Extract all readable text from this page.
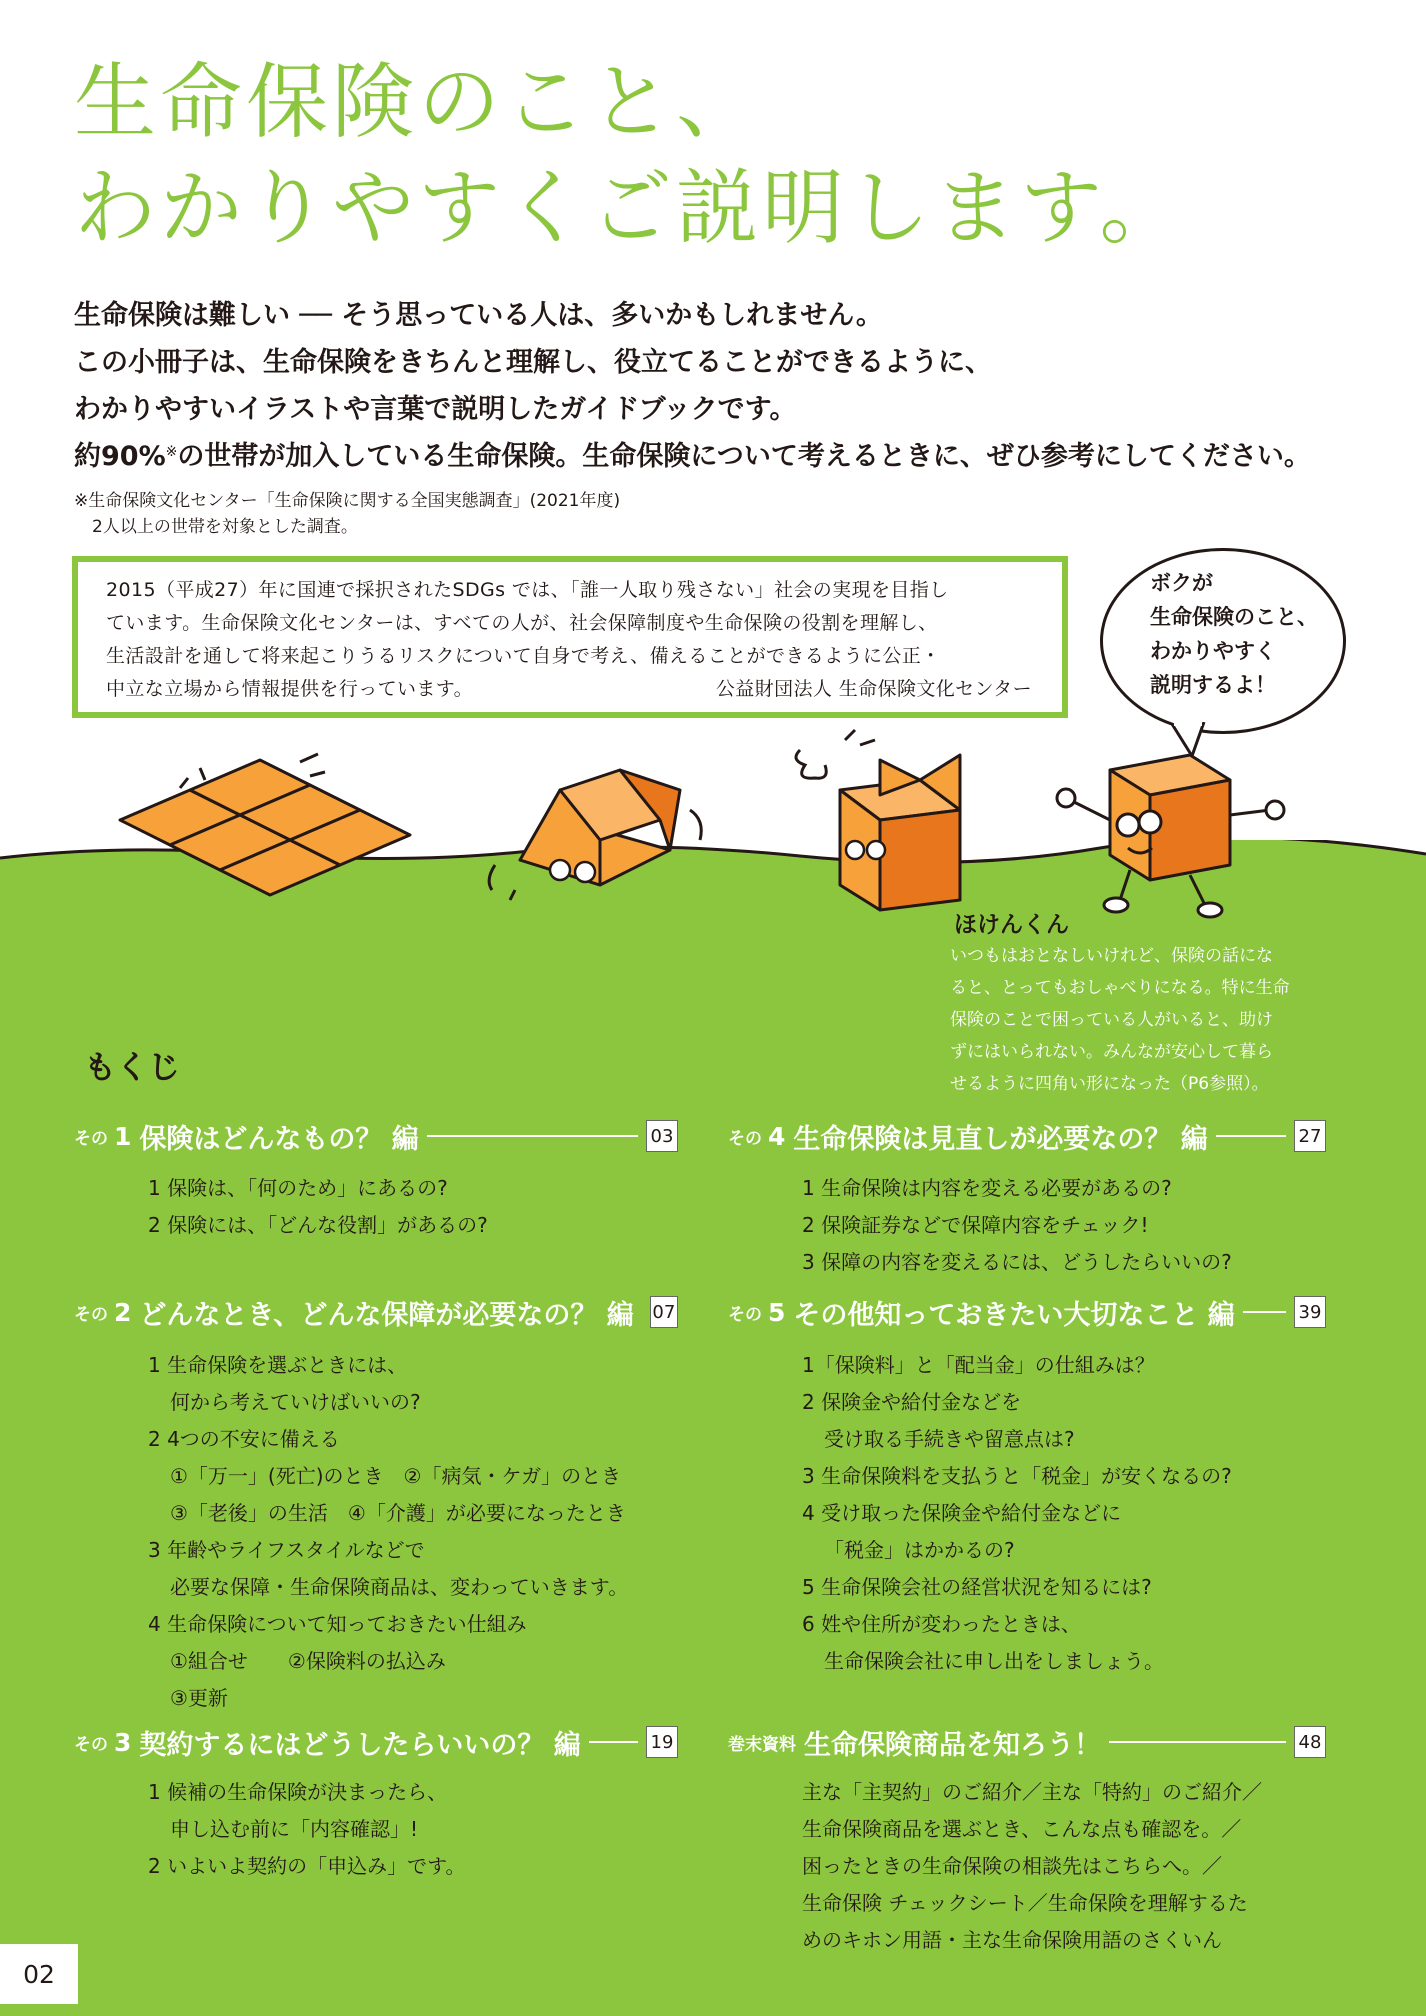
生命保険のこと、
わかりやすくご説明します。
生命保険は難しい ── そう思っている人は、多いかもしれません。
この小冊子は、生命保険をきちんと理解し、役立てることができるように、
わかりやすいイラストや言葉で説明したガイドブックです。
約90%※の世帯が加入している生命保険。生命保険について考えるときに、ぜひ参考にしてください。
※生命保険文化センター「生命保険に関する全国実態調査」(2021年度)
2人以上の世帯を対象とした調査。
2015（平成27）年に国連で採択されたSDGs では、「誰一人取り残さない」社会の実現を目指し
ています。生命保険文化センターは、すべての人が、社会保障制度や生命保険の役割を理解し、
生活設計を通して将来起こりうるリスクについて自身で考え、備えることができるように公正・
中立な立場から情報提供を行っています。	公益財団法人 生命保険文化センター
ボクが
生命保険のこと、
わかりやすく
説明するよ！
ほけんくん
いつもはおとなしいけれど、保険の話にな
ると、とってもおしゃべりになる。特に生命
保険のことで困っている人がいると、助け
ずにはいられない。みんなが安心して暮ら
せるように四角い形になった（P6参照）。
もくじ
その 1 保険はどんなもの？ 編	03
1 保険は、「何のため」にあるの?
2 保険には、「どんな役割」があるの?
その 2 どんなとき、どんな保障が必要なの？ 編 07
1 生命保険を選ぶときには、
何から考えていけばいいの?
2 4つの不安に備える
①「万一」(死亡)のとき　②「病気・ケガ」のとき
③「老後」の生活　④「介護」が必要になったとき
3 年齢やライフスタイルなどで
必要な保障・生命保険商品は、変わっていきます。
4 生命保険について知っておきたい仕組み
①組合せ　　②保険料の払込み
③更新
その 3 契約するにはどうしたらいいの？ 編	19
1 候補の生命保険が決まったら、
申し込む前に「内容確認」!
2 いよいよ契約の「申込み」です。
その 4 生命保険は見直しが必要なの？ 編	27
1 生命保険は内容を変える必要があるの?
2 保険証券などで保障内容をチェック!
3 保障の内容を変えるには、どうしたらいいの?
その 5 その他知っておきたい大切なこと 編	39
1「保険料」と「配当金」の仕組みは？
2 保険金や給付金などを
受け取る手続きや留意点は?
3 生命保険料を支払うと「税金」が安くなるの?
4 受け取った保険金や給付金などに
「税金」はかかるの?
5 生命保険会社の経営状況を知るには?
6 姓や住所が変わったときは、
生命保険会社に申し出をしましょう。
巻末資料 生命保険商品を知ろう！	48
主な「主契約」のご紹介／主な「特約」のご紹介／
生命保険商品を選ぶとき、こんな点も確認を。／
困ったときの生命保険の相談先はこちらへ。／
生命保険 チェックシート／生命保険を理解するた
めのキホン用語・主な生命保険用語のさくいん
02
